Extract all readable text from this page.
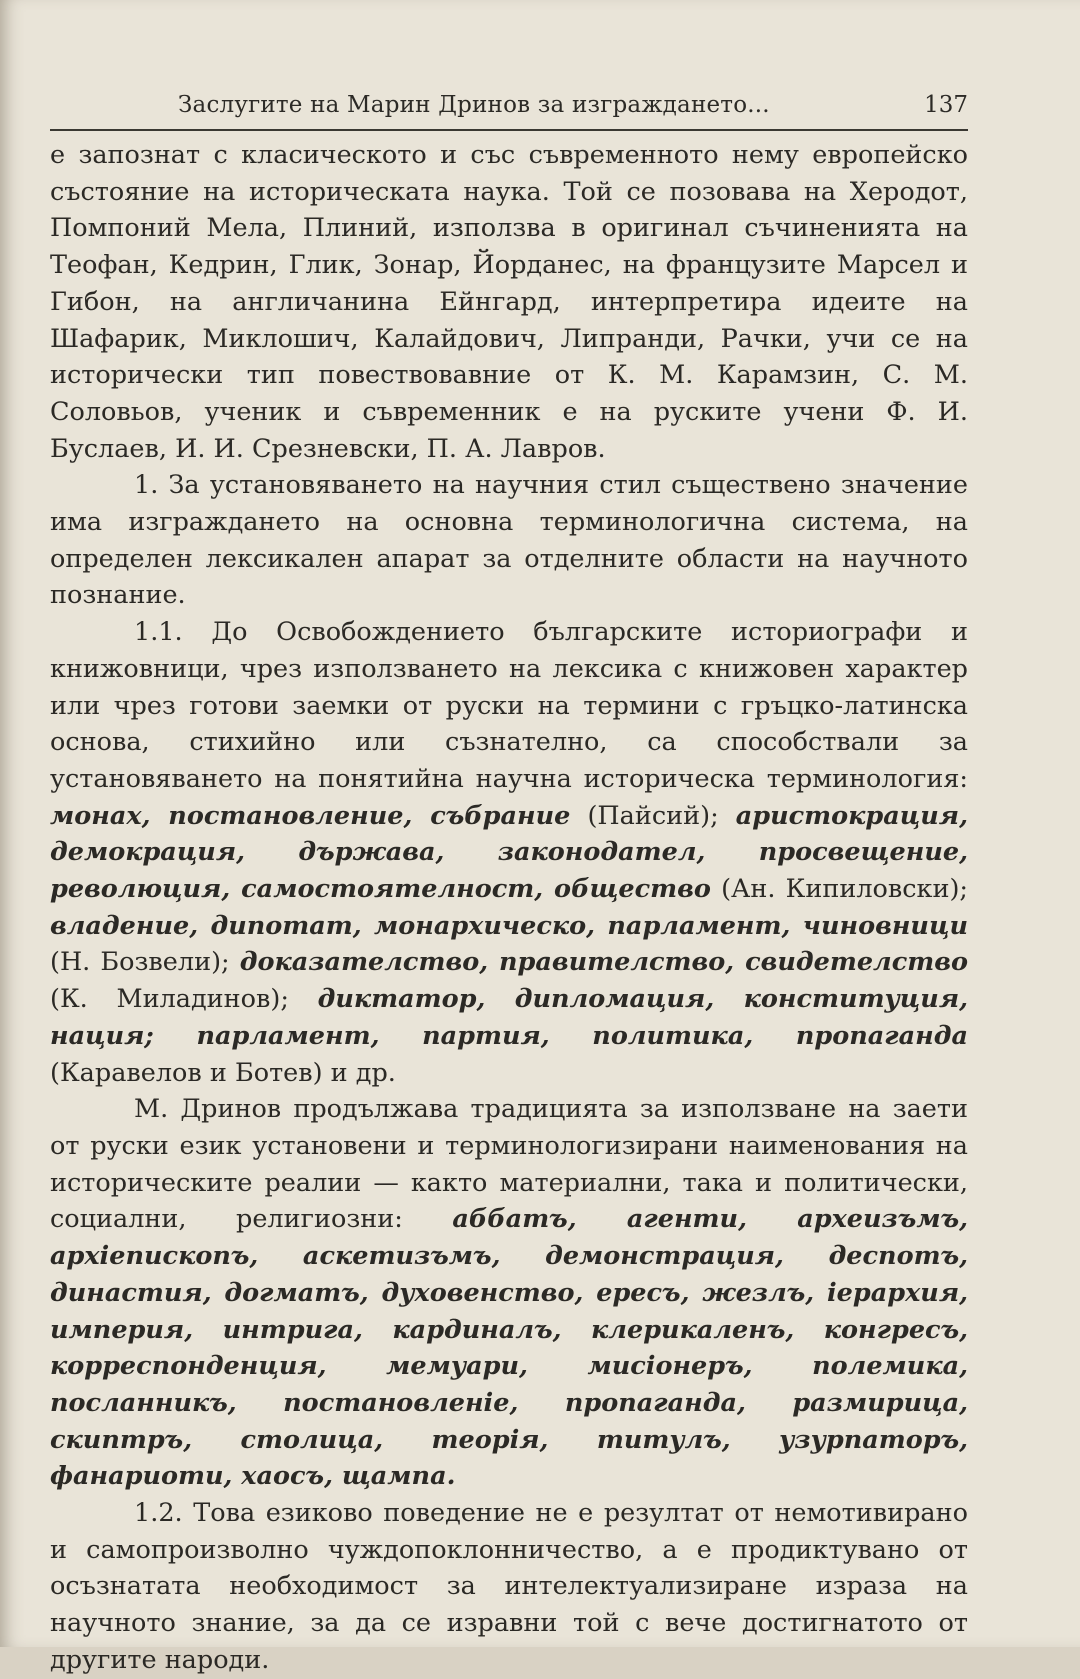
Заслугите на Марин Дринов за изграждането...	137

е запознат с класическото и със съвременното нему европейско състояние на историческата наука. Той се позовава на Херодот, Помпоний Мела, Плиний, използва в оригинал съчиненията на Теофан, Кедрин, Глик, Зонар, Йорданес, на французите Марсел и Гибон, на англичанина Ейнгард, интерпретира идеите на Шафарик, Миклошич, Калайдович, Липранди, Рачки, учи се на исторически тип повествовавние от К. М. Карамзин, С. М. Соловьов, ученик и съвременник е на руските учени Ф. И. Буслаев, И. И. Срезневски, П. А. Лавров.

1. За установяването на научния стил съществено значение има изграждането на основна терминологична система, на определен лексикален апарат за отделните области на научното познание.

1.1. До Освобождението българските историографи и книжовници, чрез използването на лексика с книжовен характер или чрез готови заемки от руски на термини с гръцко-латинска основа, стихийно или съзнателно, са способствали за установяването на понятийна научна историческа терминология: монах, постановление, събрание (Пайсий); аристокрация, демокрация, държава, законодател, просвещение, революция, самостоятелност, общество (Ан. Кипиловски); владение, дипотат, монархическо, парламент, чиновници (Н. Бозвели); доказателство, правителство, свидетелство (К. Миладинов); диктатор, дипломация, конституция, нация; парламент, партия, политика, пропаганда (Каравелов и Ботев) и др.

М. Дринов продължава традицията за използване на заети от руски език установени и терминологизирани наименования на историческите реалии — както материални, така и политически, социални, религиозни: аббатъ, агенти, археизъмъ, архіепископъ, аскетизъмъ, демонстрация, деспотъ, династия, догматъ, духовенство, ересъ, жезлъ, іерархия, империя, интрига, кардиналъ, клерикаленъ, конгресъ, корреспонденция, мемуари, мисіонеръ, полемика, посланникъ, постановленіе, пропаганда, размирица, скиптръ, столица, теорія, титулъ, узурпаторъ, фанариоти, хаосъ, щампа.

1.2. Това езиково поведение не е резултат от немотивирано и самопроизволно чуждопоклонничество, а е продиктувано от осъзнатата необходимост за интелектуализиране израза на научното знание, за да се изравни той с вече достигнатото от другите народи.
